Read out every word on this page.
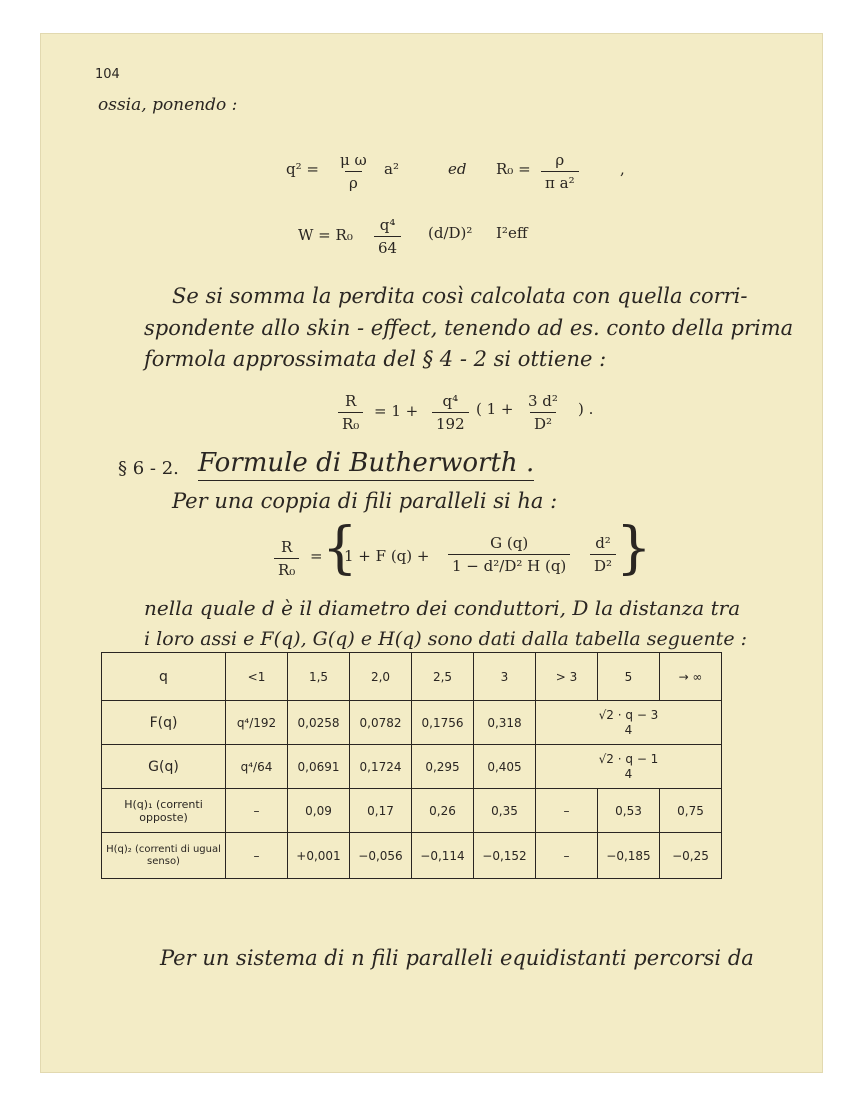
104
ossia, ponendo :
$q^2 = \frac{\text{μ ω}}{\rho} a^2$	ed $R_0 = \frac{\rho}{\text{π a²}}$	,
$W = R_0 \frac{\text{q⁴}}{64} (d/D)^2$ I²eff
Se si somma la perdita così calcolata con quella corri-
spondente allo skin - effect, tenendo ad es. conto della prima
formola approssimata del § 4 - 2 si ottiene :
$\frac{R}{\text{R₀}} = 1 + \frac{\text{q⁴}}{192}$ ( $1 + \frac{\text{3 d²}}{\text{D²}}$ ) .
§ 6 - 2. Formule di Butherworth .
Per una coppia di fili paralleli si ha :
$\frac{R}{\text{R₀}}$ = {
1 + F $(q) + \frac{G (q)}{\text{1 − d²/D² H (q)}} \frac{\text{d²}}{\text{D²}}$ }
nella quale d è il diametro dei conduttori, D la distanza tra
i loro assi e F(q), G(q) e H(q) sono dati dalla tabella seguente :
q	<1	1,5	2,0	2,5	3	> 3	5	→ ∞
F(q)	q⁴/192	0,0258	0,0782	0,1756	0,318	√2 · q − 3
4		
G(q)	q⁴/64	0,0691	0,1724	0,295	0,405	√2 · q − 1
4		
H(q)₁ (correnti opposte)	–	0,09	0,17	0,26	0,35	–	0,53	0,75
H(q)₂ (correnti di ugual senso)	–	+0,001	−0,056	−0,114	−0,152	–	−0,185	−0,25
Per un sistema di n fili paralleli equidistanti percorsi da
